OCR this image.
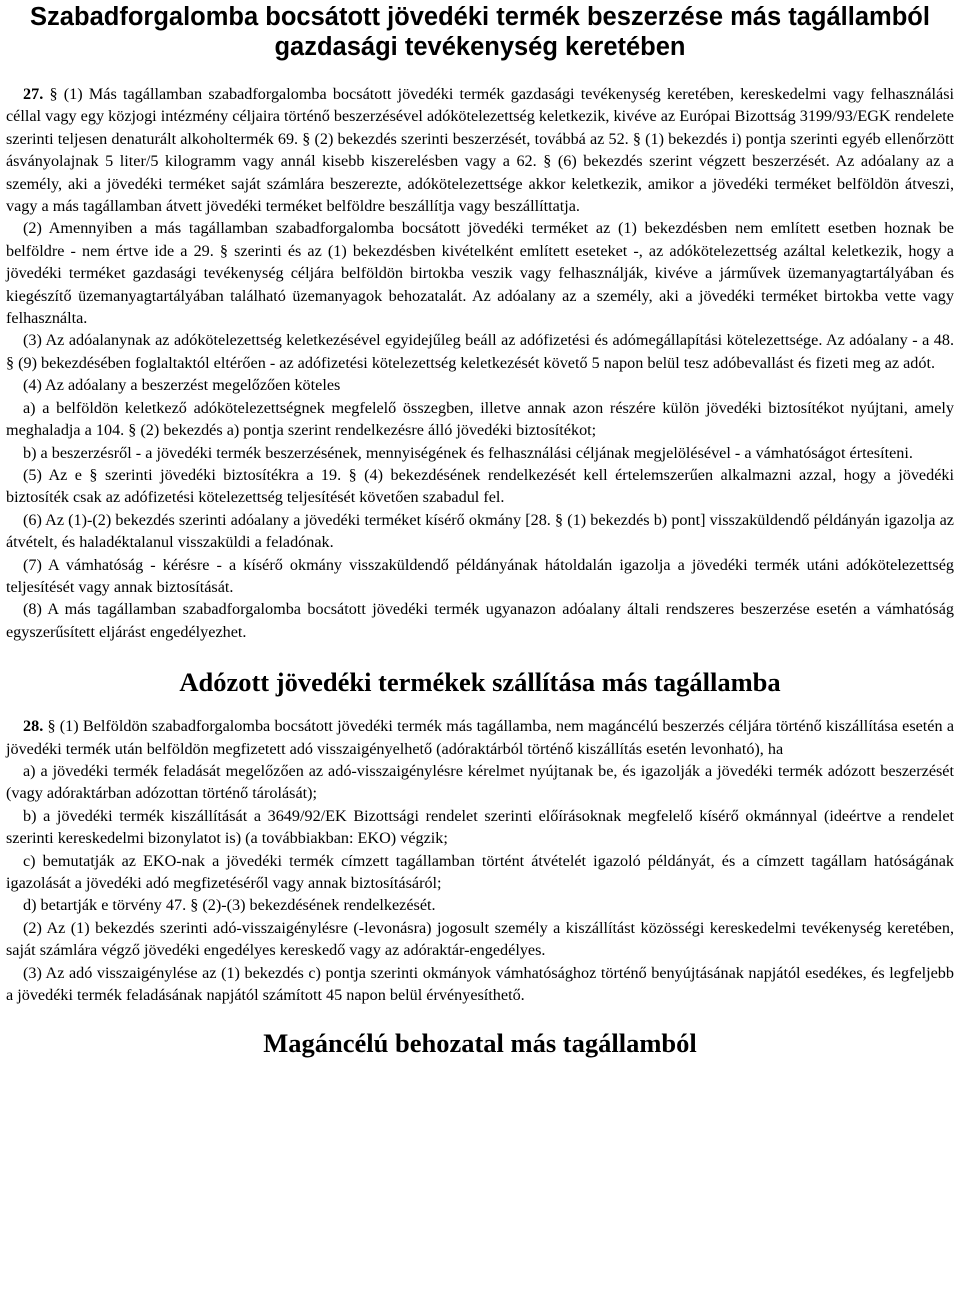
Szabadforgalomba bocsátott jövedéki termék beszerzése más tagállamból gazdasági tevékenység keretében

27. § (1) Más tagállamban szabadforgalomba bocsátott jövedéki termék gazdasági tevékenység keretében, kereskedelmi vagy felhasználási céllal vagy egy közjogi intézmény céljaira történő beszerzésével adókötelezettség keletkezik, kivéve az Európai Bizottság 3199/93/EGK rendelete szerinti teljesen denaturált alkoholtermék 69. § (2) bekezdés szerinti beszerzését, továbbá az 52. § (1) bekezdés i) pontja szerinti egyéb ellenőrzött ásványolajnak 5 liter/5 kilogramm vagy annál kisebb kiszerelésben vagy a 62. § (6) bekezdés szerint végzett beszerzését. Az adóalany az a személy, aki a jövedéki terméket saját számlára beszerezte, adókötelezettsége akkor keletkezik, amikor a jövedéki terméket belföldön átveszi, vagy a más tagállamban átvett jövedéki terméket belföldre beszállítja vagy beszállíttatja.

(2) Amennyiben a más tagállamban szabadforgalomba bocsátott jövedéki terméket az (1) bekezdésben nem említett esetben hoznak be belföldre - nem értve ide a 29. § szerinti és az (1) bekezdésben kivételként említett eseteket -, az adókötelezettség azáltal keletkezik, hogy a jövedéki terméket gazdasági tevékenység céljára belföldön birtokba veszik vagy felhasználják, kivéve a járművek üzemanyagtartályában és kiegészítő üzemanyagtartályában található üzemanyagok behozatalát. Az adóalany az a személy, aki a jövedéki terméket birtokba vette vagy felhasználta.

(3) Az adóalanynak az adókötelezettség keletkezésével egyidejűleg beáll az adófizetési és adómegállapítási kötelezettsége. Az adóalany - a 48. § (9) bekezdésében foglaltaktól eltérően - az adófizetési kötelezettség keletkezését követő 5 napon belül tesz adóbevallást és fizeti meg az adót.

(4) Az adóalany a beszerzést megelőzően köteles

a) a belföldön keletkező adókötelezettségnek megfelelő összegben, illetve annak azon részére külön jövedéki biztosítékot nyújtani, amely meghaladja a 104. § (2) bekezdés a) pontja szerint rendelkezésre álló jövedéki biztosítékot;

b) a beszerzésről - a jövedéki termék beszerzésének, mennyiségének és felhasználási céljának megjelölésével - a vámhatóságot értesíteni.

(5) Az e § szerinti jövedéki biztosítékra a 19. § (4) bekezdésének rendelkezését kell értelemszerűen alkalmazni azzal, hogy a jövedéki biztosíték csak az adófizetési kötelezettség teljesítését követően szabadul fel.

(6) Az (1)-(2) bekezdés szerinti adóalany a jövedéki terméket kísérő okmány [28. § (1) bekezdés b) pont] visszaküldendő példányán igazolja az átvételt, és haladéktalanul visszaküldi a feladónak.

(7) A vámhatóság - kérésre - a kísérő okmány visszaküldendő példányának hátoldalán igazolja a jövedéki termék utáni adókötelezettség teljesítését vagy annak biztosítását.

(8) A más tagállamban szabadforgalomba bocsátott jövedéki termék ugyanazon adóalany általi rendszeres beszerzése esetén a vámhatóság egyszerűsített eljárást engedélyezhet.

Adózott jövedéki termékek szállítása más tagállamba

28. § (1) Belföldön szabadforgalomba bocsátott jövedéki termék más tagállamba, nem magáncélú beszerzés céljára történő kiszállítása esetén a jövedéki termék után belföldön megfizetett adó visszaigényelhető (adóraktárból történő kiszállítás esetén levonható), ha

a) a jövedéki termék feladását megelőzően az adó-visszaigénylésre kérelmet nyújtanak be, és igazolják a jövedéki termék adózott beszerzését (vagy adóraktárban adózottan történő tárolását);

b) a jövedéki termék kiszállítását a 3649/92/EK Bizottsági rendelet szerinti előírásoknak megfelelő kísérő okmánnyal (ideértve a rendelet szerinti kereskedelmi bizonylatot is) (a továbbiakban: EKO) végzik;

c) bemutatják az EKO-nak a jövedéki termék címzett tagállamban történt átvételét igazoló példányát, és a címzett tagállam hatóságának igazolását a jövedéki adó megfizetéséről vagy annak biztosításáról;

d) betartják e törvény 47. § (2)-(3) bekezdésének rendelkezését.

(2) Az (1) bekezdés szerinti adó-visszaigénylésre (-levonásra) jogosult személy a kiszállítást közösségi kereskedelmi tevékenység keretében, saját számlára végző jövedéki engedélyes kereskedő vagy az adóraktár-engedélyes.

(3) Az adó visszaigénylése az (1) bekezdés c) pontja szerinti okmányok vámhatósághoz történő benyújtásának napjától esedékes, és legfeljebb a jövedéki termék feladásának napjától számított 45 napon belül érvényesíthető.

Magáncélú behozatal más tagállamból
